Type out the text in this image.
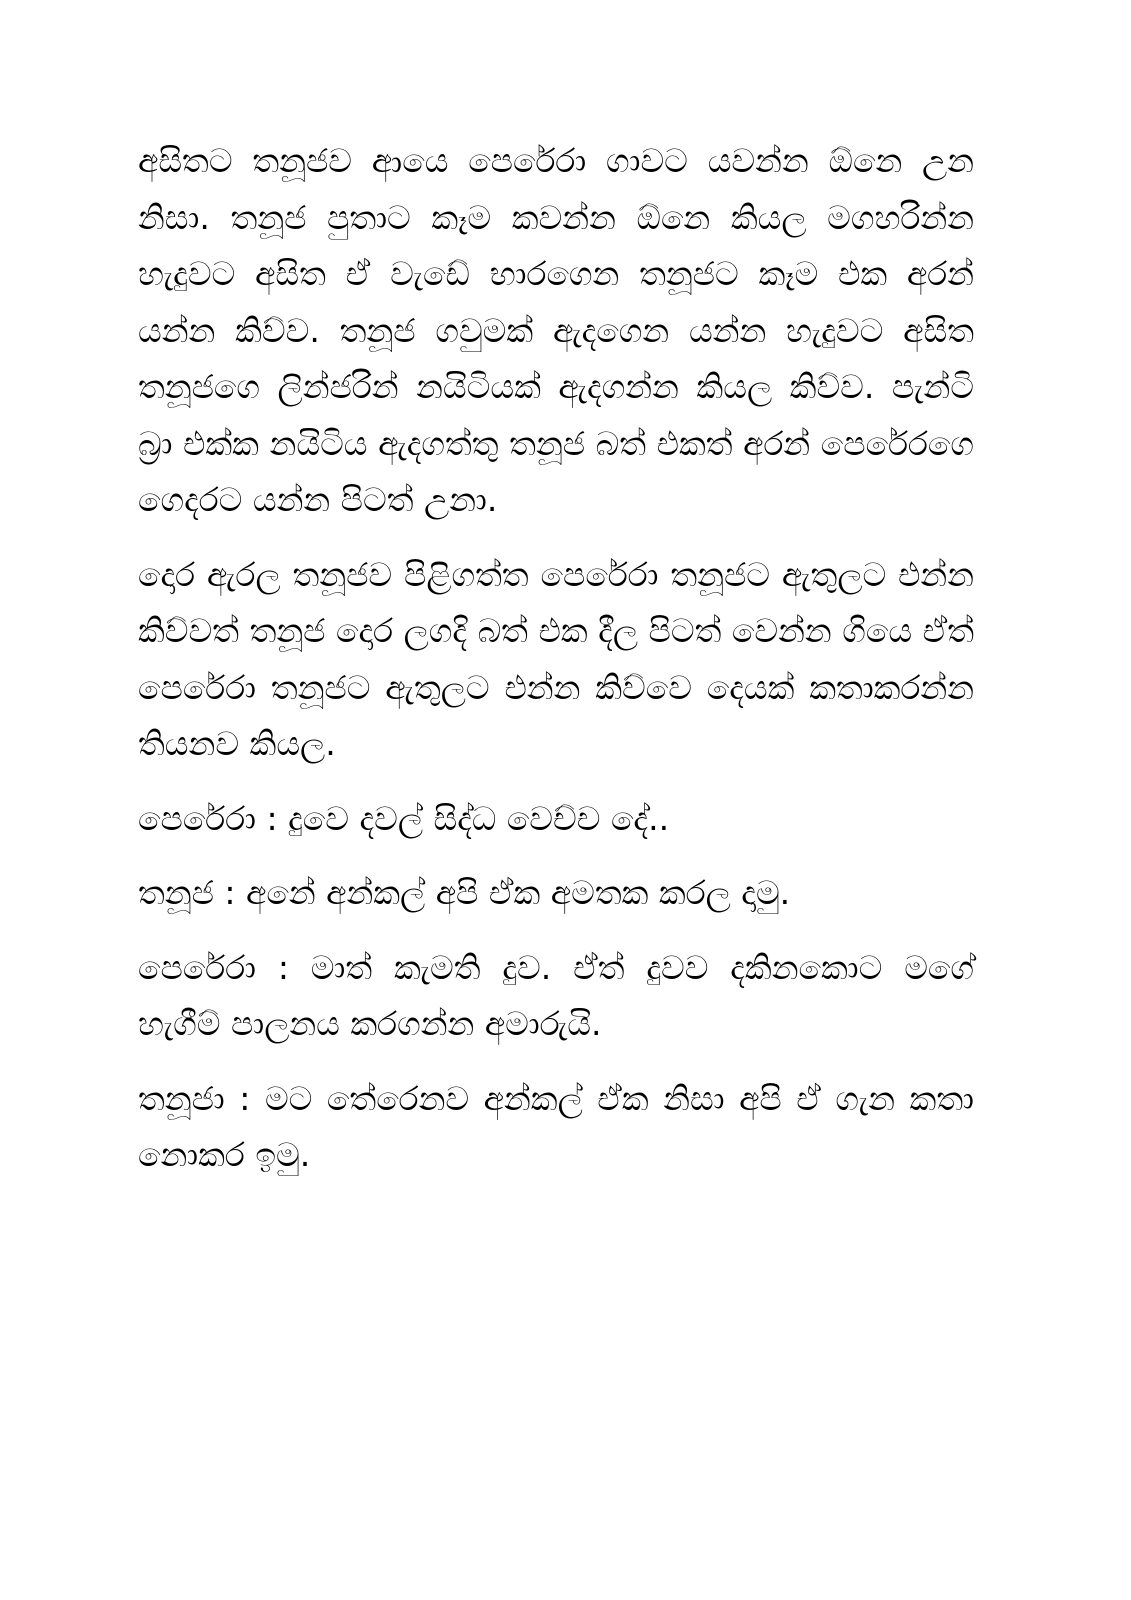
අසිතට තනූජව ආයෙ පෙරේරා ගාවට යවන්න ඕනෙ උන නිසා. තනූජ පුතාට කෑම කවන්න ඕනෙ කියල මගහරින්න හැදුවට අසිත ඒ වැඩේ භාරගෙන තනූජට කෑම එක අරන් යන්න කිව්ව. තනූජ ගවුමක් ඇදගෙන යන්න හැදුවට අසිත තනූජගෙ ලින්ජරින් නයිටියක් ඇදගන්න කියල කිව්ව. පැන්ටි බ්‍රා එක්ක නයිටිය ඇදගත්තු තනූජ බත් එකත් අරන් පෙරේරගෙ ගෙදරට යන්න පිටත් උනා.

දොර ඇරල තනූජව පිළිගත්ත පෙරේරා තනූජට ඇතුලට එන්න කිව්වත් තනූජ දොර ලගදි බත් එක දීල පිටත් වෙන්න ගියෙ ඒත් පෙරේරා තනූජට ඇතුලට එන්න කිව්වෙ දෙයක් කතාකරන්න තියනව කියල.

පෙරේරා : දුවෙ දවල් සිද්ධ වෙච්ච දේ..

තනූජ : අනේ අන්කල් අපි ඒක අමතක කරල දාමු.

පෙරේරා : මාත් කැමති දුව. ඒත් දුවව දකිනකොට මගේ හැගීම් පාලනය කරගන්න අමාරුයි.

තනූජා : මට තේරෙනව අන්කල් ඒක නිසා අපි ඒ ගැන කතා නොකර ඉමු.
